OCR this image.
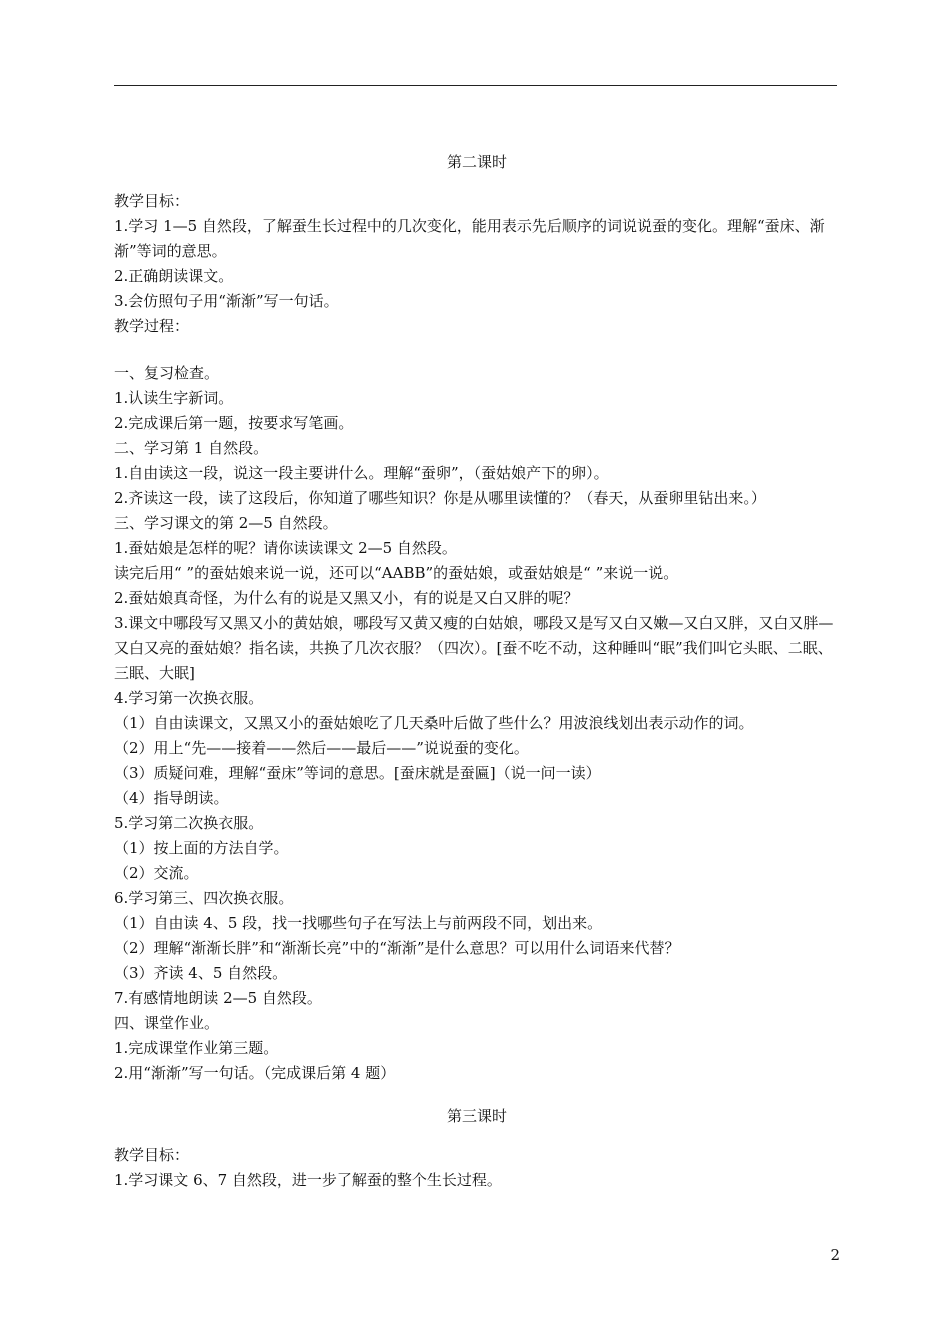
第二课时
教学目标：
1.学习 1—5 自然段，了解蚕生长过程中的几次变化，能用表示先后顺序的词说说蚕的变化。理解“蚕床、渐渐”等词的意思。
2.正确朗读课文。
3.会仿照句子用“渐渐”写一句话。
教学过程：
一、复习检查。
1.认读生字新词。
2.完成课后第一题，按要求写笔画。
二、学习第 1 自然段。
1.自由读这一段，说这一段主要讲什么。理解“蚕卵”，（蚕姑娘产下的卵）。
2.齐读这一段，读了这段后，你知道了哪些知识？你是从哪里读懂的？（春天，从蚕卵里钻出来。）
三、学习课文的第 2—5 自然段。
1.蚕姑娘是怎样的呢？请你读读课文 2—5 自然段。
读完后用“ ”的蚕姑娘来说一说，还可以“AABB”的蚕姑娘，或蚕姑娘是“ ”来说一说。
2.蚕姑娘真奇怪，为什么有的说是又黑又小，有的说是又白又胖的呢？
3.课文中哪段写又黑又小的黄姑娘，哪段写又黄又瘦的白姑娘，哪段又是写又白又嫩—又白又胖，又白又胖—又白又亮的蚕姑娘？指名读，共换了几次衣服？（四次）。[蚕不吃不动，这种睡叫“眠”我们叫它头眠、二眠、三眠、大眠]
4.学习第一次换衣服。
（1）自由读课文，又黑又小的蚕姑娘吃了几天桑叶后做了些什么？用波浪线划出表示动作的词。
（2）用上“先——接着——然后——最后——”说说蚕的变化。
（3）质疑问难，理解“蚕床”等词的意思。[蚕床就是蚕匾]（说一问一读）
（4）指导朗读。
5.学习第二次换衣服。
（1）按上面的方法自学。
（2）交流。
6.学习第三、四次换衣服。
（1）自由读 4、5 段，找一找哪些句子在写法上与前两段不同，划出来。
（2）理解“渐渐长胖”和“渐渐长亮”中的“渐渐”是什么意思？可以用什么词语来代替？
（3）齐读 4、5 自然段。
7.有感情地朗读 2—5 自然段。
四、课堂作业。
1.完成课堂作业第三题。
2.用“渐渐”写一句话。（完成课后第 4 题）
第三课时
教学目标：
1.学习课文 6、7 自然段，进一步了解蚕的整个生长过程。
2
